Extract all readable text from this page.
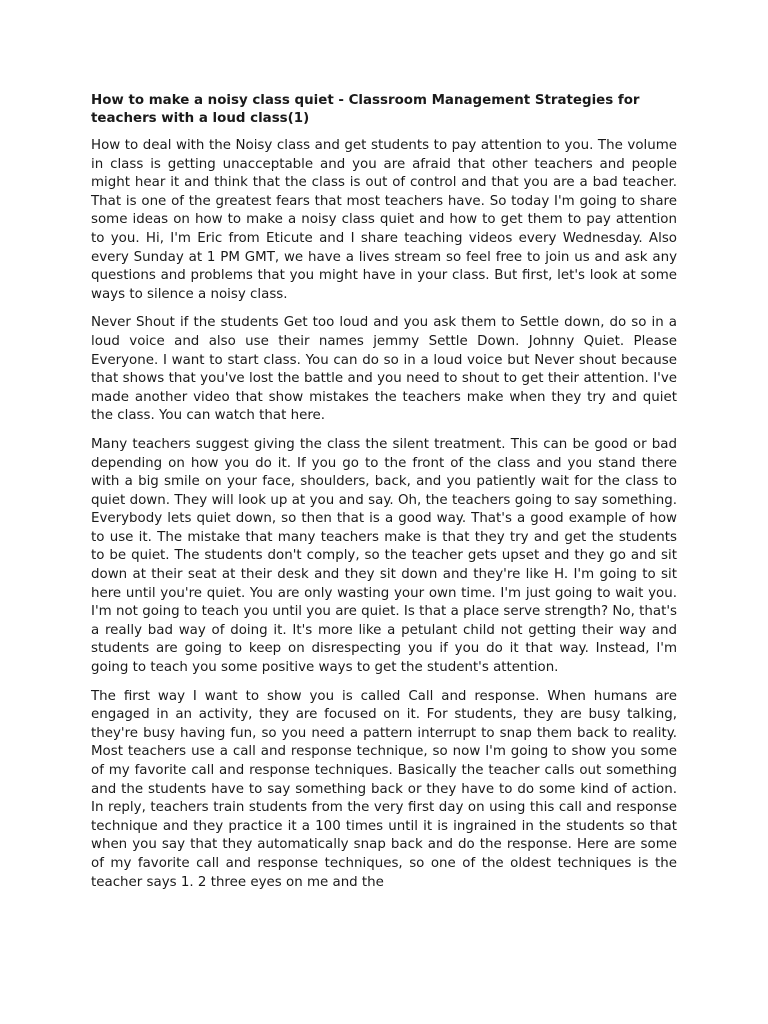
How to make a noisy class quiet - Classroom Management Strategies for teachers with a loud class(1)

How to deal with the Noisy class and get students to pay attention to you. The volume in class is getting unacceptable and you are afraid that other teachers and people might hear it and think that the class is out of control and that you are a bad teacher. That is one of the greatest fears that most teachers have. So today I'm going to share some ideas on how to make a noisy class quiet and how to get them to pay attention to you. Hi, I'm Eric from Eticute and I share teaching videos every Wednesday. Also every Sunday at 1 PM GMT, we have a lives stream so feel free to join us and ask any questions and problems that you might have in your class. But first, let's look at some ways to silence a noisy class.

Never Shout if the students Get too loud and you ask them to Settle down, do so in a loud voice and also use their names jemmy Settle Down. Johnny Quiet. Please Everyone. I want to start class. You can do so in a loud voice but Never shout because that shows that you've lost the battle and you need to shout to get their attention. I've made another video that show mistakes the teachers make when they try and quiet the class. You can watch that here.

Many teachers suggest giving the class the silent treatment. This can be good or bad depending on how you do it. If you go to the front of the class and you stand there with a big smile on your face, shoulders, back, and you patiently wait for the class to quiet down. They will look up at you and say. Oh, the teachers going to say something. Everybody lets quiet down, so then that is a good way. That's a good example of how to use it. The mistake that many teachers make is that they try and get the students to be quiet. The students don't comply, so the teacher gets upset and they go and sit down at their seat at their desk and they sit down and they're like H. I'm going to sit here until you're quiet. You are only wasting your own time. I'm just going to wait you. I'm not going to teach you until you are quiet. Is that a place serve strength? No, that's a really bad way of doing it. It's more like a petulant child not getting their way and students are going to keep on disrespecting you if you do it that way. Instead, I'm going to teach you some positive ways to get the student's attention.

The first way I want to show you is called Call and response. When humans are engaged in an activity, they are focused on it. For students, they are busy talking, they're busy having fun, so you need a pattern interrupt to snap them back to reality. Most teachers use a call and response technique, so now I'm going to show you some of my favorite call and response techniques. Basically the teacher calls out something and the students have to say something back or they have to do some kind of action. In reply, teachers train students from the very first day on using this call and response technique and they practice it a 100 times until it is ingrained in the students so that when you say that they automatically snap back and do the response. Here are some of my favorite call and response techniques, so one of the oldest techniques is the teacher says 1. 2 three eyes on me and the
